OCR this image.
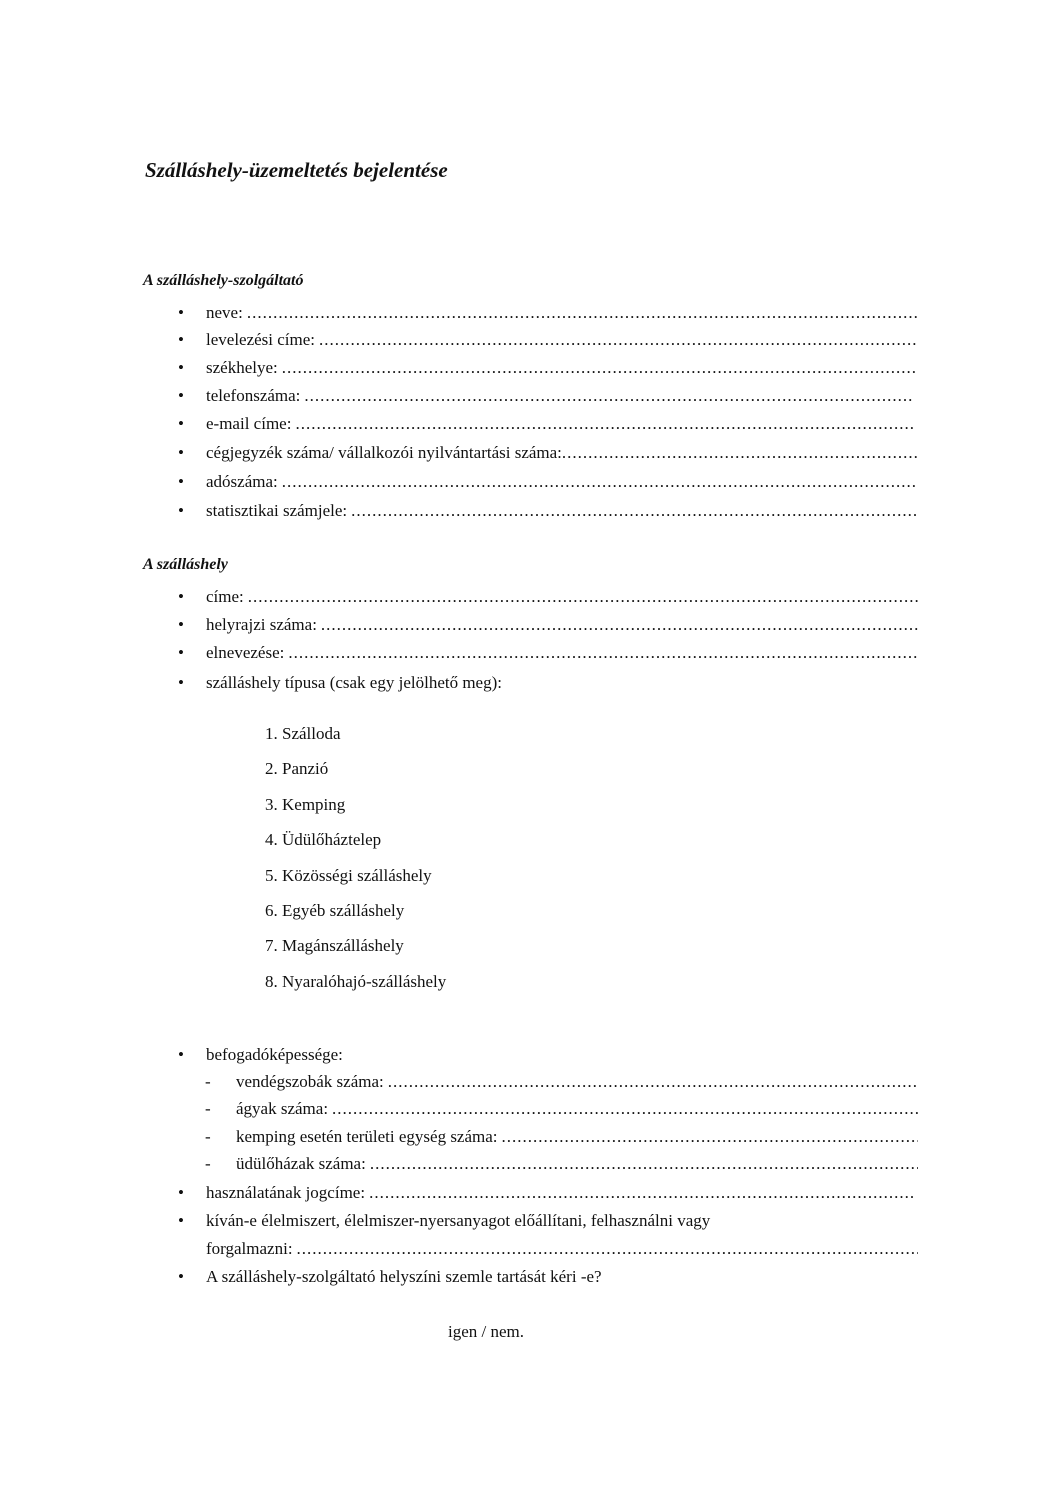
Szálláshely-üzemeltetés bejelentése
A szálláshely-szolgáltató
•	neve:
.....
•	levelezési címe:
.....
•	székhelye:
.....
•	telefonszáma:
.....
•	e-mail címe:
.....
•	cégjegyzék száma/ vállalkozói nyilvántartási száma:
.....
•	adószáma:
.....
•	statisztikai számjele:
.....
A szálláshely
•	címe:
.....
•	helyrajzi száma:
.....
•	elnevezése:
.....
•	szálláshely típusa (csak egy jelölhető meg):
1. Szálloda
2. Panzió
3. Kemping
4. Üdülőháztelep
5. Közösségi szálláshely
6. Egyéb szálláshely
7. Magánszálláshely
8. Nyaralóhajó-szálláshely
•	befogadóképessége:
-	vendégszobák száma:
.....
-	ágyak száma:
.....
-	kemping esetén területi egység száma:
.....
-	üdülőházak száma:
.....
•	használatának jogcíme:
.....
•	kíván-e élelmiszert, élelmiszer-nyersanyagot előállítani, felhasználni vagy
forgalmazni:
.....
•	A szálláshely-szolgáltató helyszíni szemle tartását kéri -e?
igen / nem.
